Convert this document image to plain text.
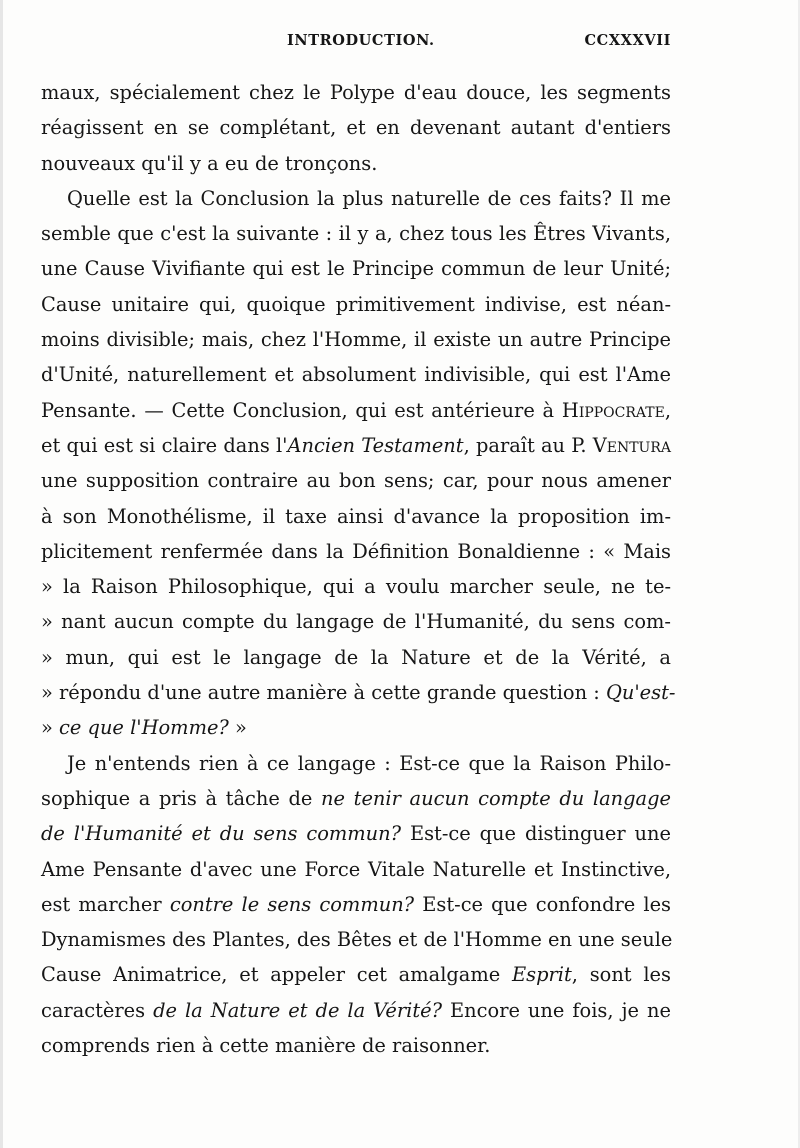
INTRODUCTION.	CCXXXVII
maux, spécialement chez le Polype d'eau douce, les segments
réagissent en se complétant, et en devenant autant d'entiers
nouveaux qu'il y a eu de tronçons.
Quelle est la Conclusion la plus naturelle de ces faits? Il me
semble que c'est la suivante : il y a, chez tous les Êtres Vivants,
une Cause Vivifiante qui est le Principe commun de leur Unité;
Cause unitaire qui, quoique primitivement indivise, est néan-
moins divisible; mais, chez l'Homme, il existe un autre Principe
d'Unité, naturellement et absolument indivisible, qui est l'Ame
Pensante. — Cette Conclusion, qui est antérieure à Hippocrate,
et qui est si claire dans l'Ancien Testament, paraît au P. Ventura
une supposition contraire au bon sens; car, pour nous amener
à son Monothélisme, il taxe ainsi d'avance la proposition im-
plicitement renfermée dans la Définition Bonaldienne : « Mais
» la Raison Philosophique, qui a voulu marcher seule, ne te-
» nant aucun compte du langage de l'Humanité, du sens com-
» mun, qui est le langage de la Nature et de la Vérité, a
» répondu d'une autre manière à cette grande question : Qu'est-
» ce que l'Homme? »
Je n'entends rien à ce langage : Est-ce que la Raison Philo-
sophique a pris à tâche de ne tenir aucun compte du langage
de l'Humanité et du sens commun? Est-ce que distinguer une
Ame Pensante d'avec une Force Vitale Naturelle et Instinctive,
est marcher contre le sens commun? Est-ce que confondre les
Dynamismes des Plantes, des Bêtes et de l'Homme en une seule
Cause Animatrice, et appeler cet amalgame Esprit, sont les
caractères de la Nature et de la Vérité? Encore une fois, je ne
comprends rien à cette manière de raisonner.
